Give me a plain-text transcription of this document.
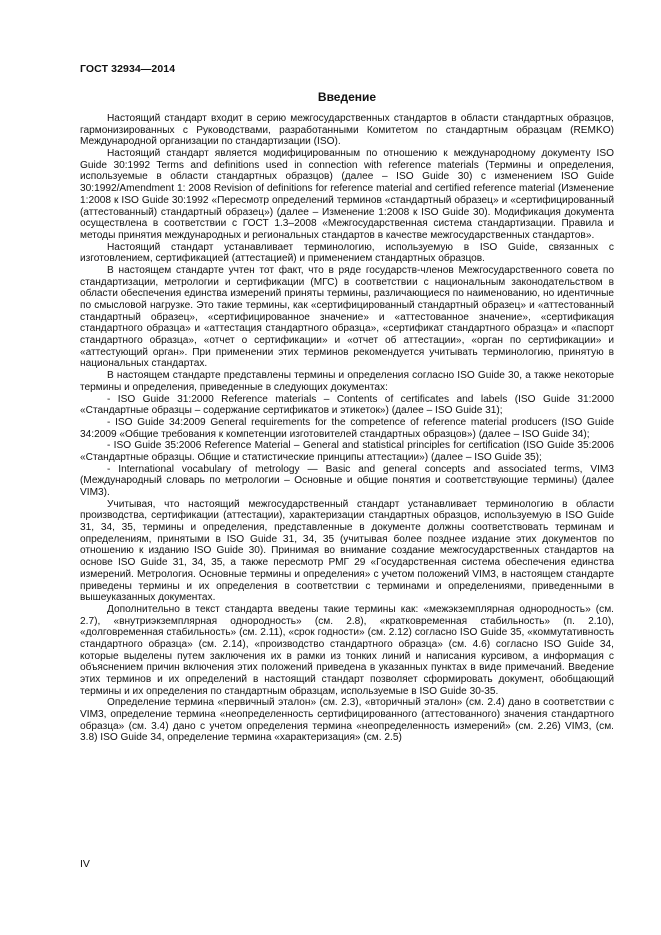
ГОСТ 32934—2014
Введение

Настоящий стандарт входит в серию межгосударственных стандартов в области стандартных образцов, гармонизированных с Руководствами, разработанными Комитетом по стандартным образцам (REMKO) Международной организации по стандартизации (ISO).

Настоящий стандарт является модифицированным по отношению к международному документу ISO Guide 30:1992 Terms and definitions used in connection with reference materials (Термины и определения, используемые в области стандартных образцов) (далее – ISO Guide 30) с изменением ISO Guide 30:1992/Amendment 1: 2008 Revision of definitions for reference material and certified reference material (Изменение 1:2008 к ISO Guide 30:1992 «Пересмотр определений терминов «стандартный образец» и «сертифицированный (аттестованный) стандартный образец») (далее – Изменение 1:2008 к ISO Guide 30). Модификация документа осуществлена в соответствии с ГОСТ 1.3–2008 «Межгосударственная система стандартизации. Правила и методы принятия международных и региональных стандартов в качестве межгосударственных стандартов».

Настоящий стандарт устанавливает терминологию, используемую в ISO Guide, связанных с изготовлением, сертификацией (аттестацией) и применением стандартных образцов.

В настоящем стандарте учтен тот факт, что в ряде государств-членов Межгосударственного совета по стандартизации, метрологии и сертификации (МГС) в соответствии с национальным законодательством в области обеспечения единства измерений приняты термины, различающиеся по наименованию, но идентичные по смысловой нагрузке. Это такие термины, как «сертифицированный стандартный образец» и «аттестованный стандартный образец», «сертифицированное значение» и «аттестованное значение», «сертификация стандартного образца» и «аттестация стандартного образца», «сертификат стандартного образца» и «паспорт стандартного образца», «отчет о сертификации» и «отчет об аттестации», «орган по сертификации» и «аттестующий орган». При применении этих терминов рекомендуется учитывать терминологию, принятую в национальных стандартах.

В настоящем стандарте представлены термины и определения согласно ISO Guide 30, а также некоторые термины и определения, приведенные в следующих документах:

- ISO Guide 31:2000 Reference materials – Contents of certificates and labels (ISO Guide 31:2000 «Стандартные образцы – содержание сертификатов и этикеток») (далее – ISO Guide 31);

- ISO Guide 34:2009 General requirements for the competence of reference material producers (ISO Guide 34:2009 «Общие требования к компетенции изготовителей стандартных образцов») (далее – ISO Guide 34);

- ISO Guide 35:2006 Reference Material – General and statistical principles for certification (ISO Guide 35:2006 «Стандартные образцы. Общие и статистические принципы аттестации») (далее – ISO Guide 35);

- International vocabulary of metrology — Basic and general concepts and associated terms, VIM3 (Международный словарь по метрологии – Основные и общие понятия и соответствующие термины) (далее VIM3).

Учитывая, что настоящий межгосударственный стандарт устанавливает терминологию в области производства, сертификации (аттестации), характеризации стандартных образцов, используемую в ISO Guide 31, 34, 35, термины и определения, представленные в документе должны соответствовать терминам и определениям, принятыми в ISO Guide 31, 34, 35 (учитывая более позднее издание этих документов по отношению к изданию ISO Guide 30). Принимая во внимание создание межгосударственных стандартов на основе ISO Guide 31, 34, 35, а также пересмотр РМГ 29 «Государственная система обеспечения единства измерений. Метрология. Основные термины и определения» с учетом положений VIM3, в настоящем стандарте приведены термины и их определения в соответствии с терминами и определениями, приведенными в вышеуказанных документах.

Дополнительно в текст стандарта введены такие термины как: «межэкземплярная однородность» (см. 2.7), «внутриэкземплярная однородность» (см. 2.8), «кратковременная стабильность» (п. 2.10), «долговременная стабильность» (см. 2.11), «срок годности» (см. 2.12) согласно ISO Guide 35, «коммутативность стандартного образца» (см. 2.14), «производство стандартного образца» (см. 4.6) согласно ISO Guide 34, которые выделены путем заключения их в рамки из тонких линий и написания курсивом, а информация с объяснением причин включения этих положений приведена в указанных пунктах в виде примечаний. Введение этих терминов и их определений в настоящий стандарт позволяет сформировать документ, обобщающий термины и их определения по стандартным образцам, используемые в ISO Guide 30-35.

Определение термина «первичный эталон» (см. 2.3), «вторичный эталон» (см. 2.4) дано в соответствии с VIM3, определение термина «неопределенность сертифицированного (аттестованного) значения стандартного образца» (см. 3.4) дано с учетом определения термина «неопределенность измерений» (см. 2.26) VIM3, (см. 3.8) ISO Guide 34, определение термина «характеризация» (см. 2.5)

IV
